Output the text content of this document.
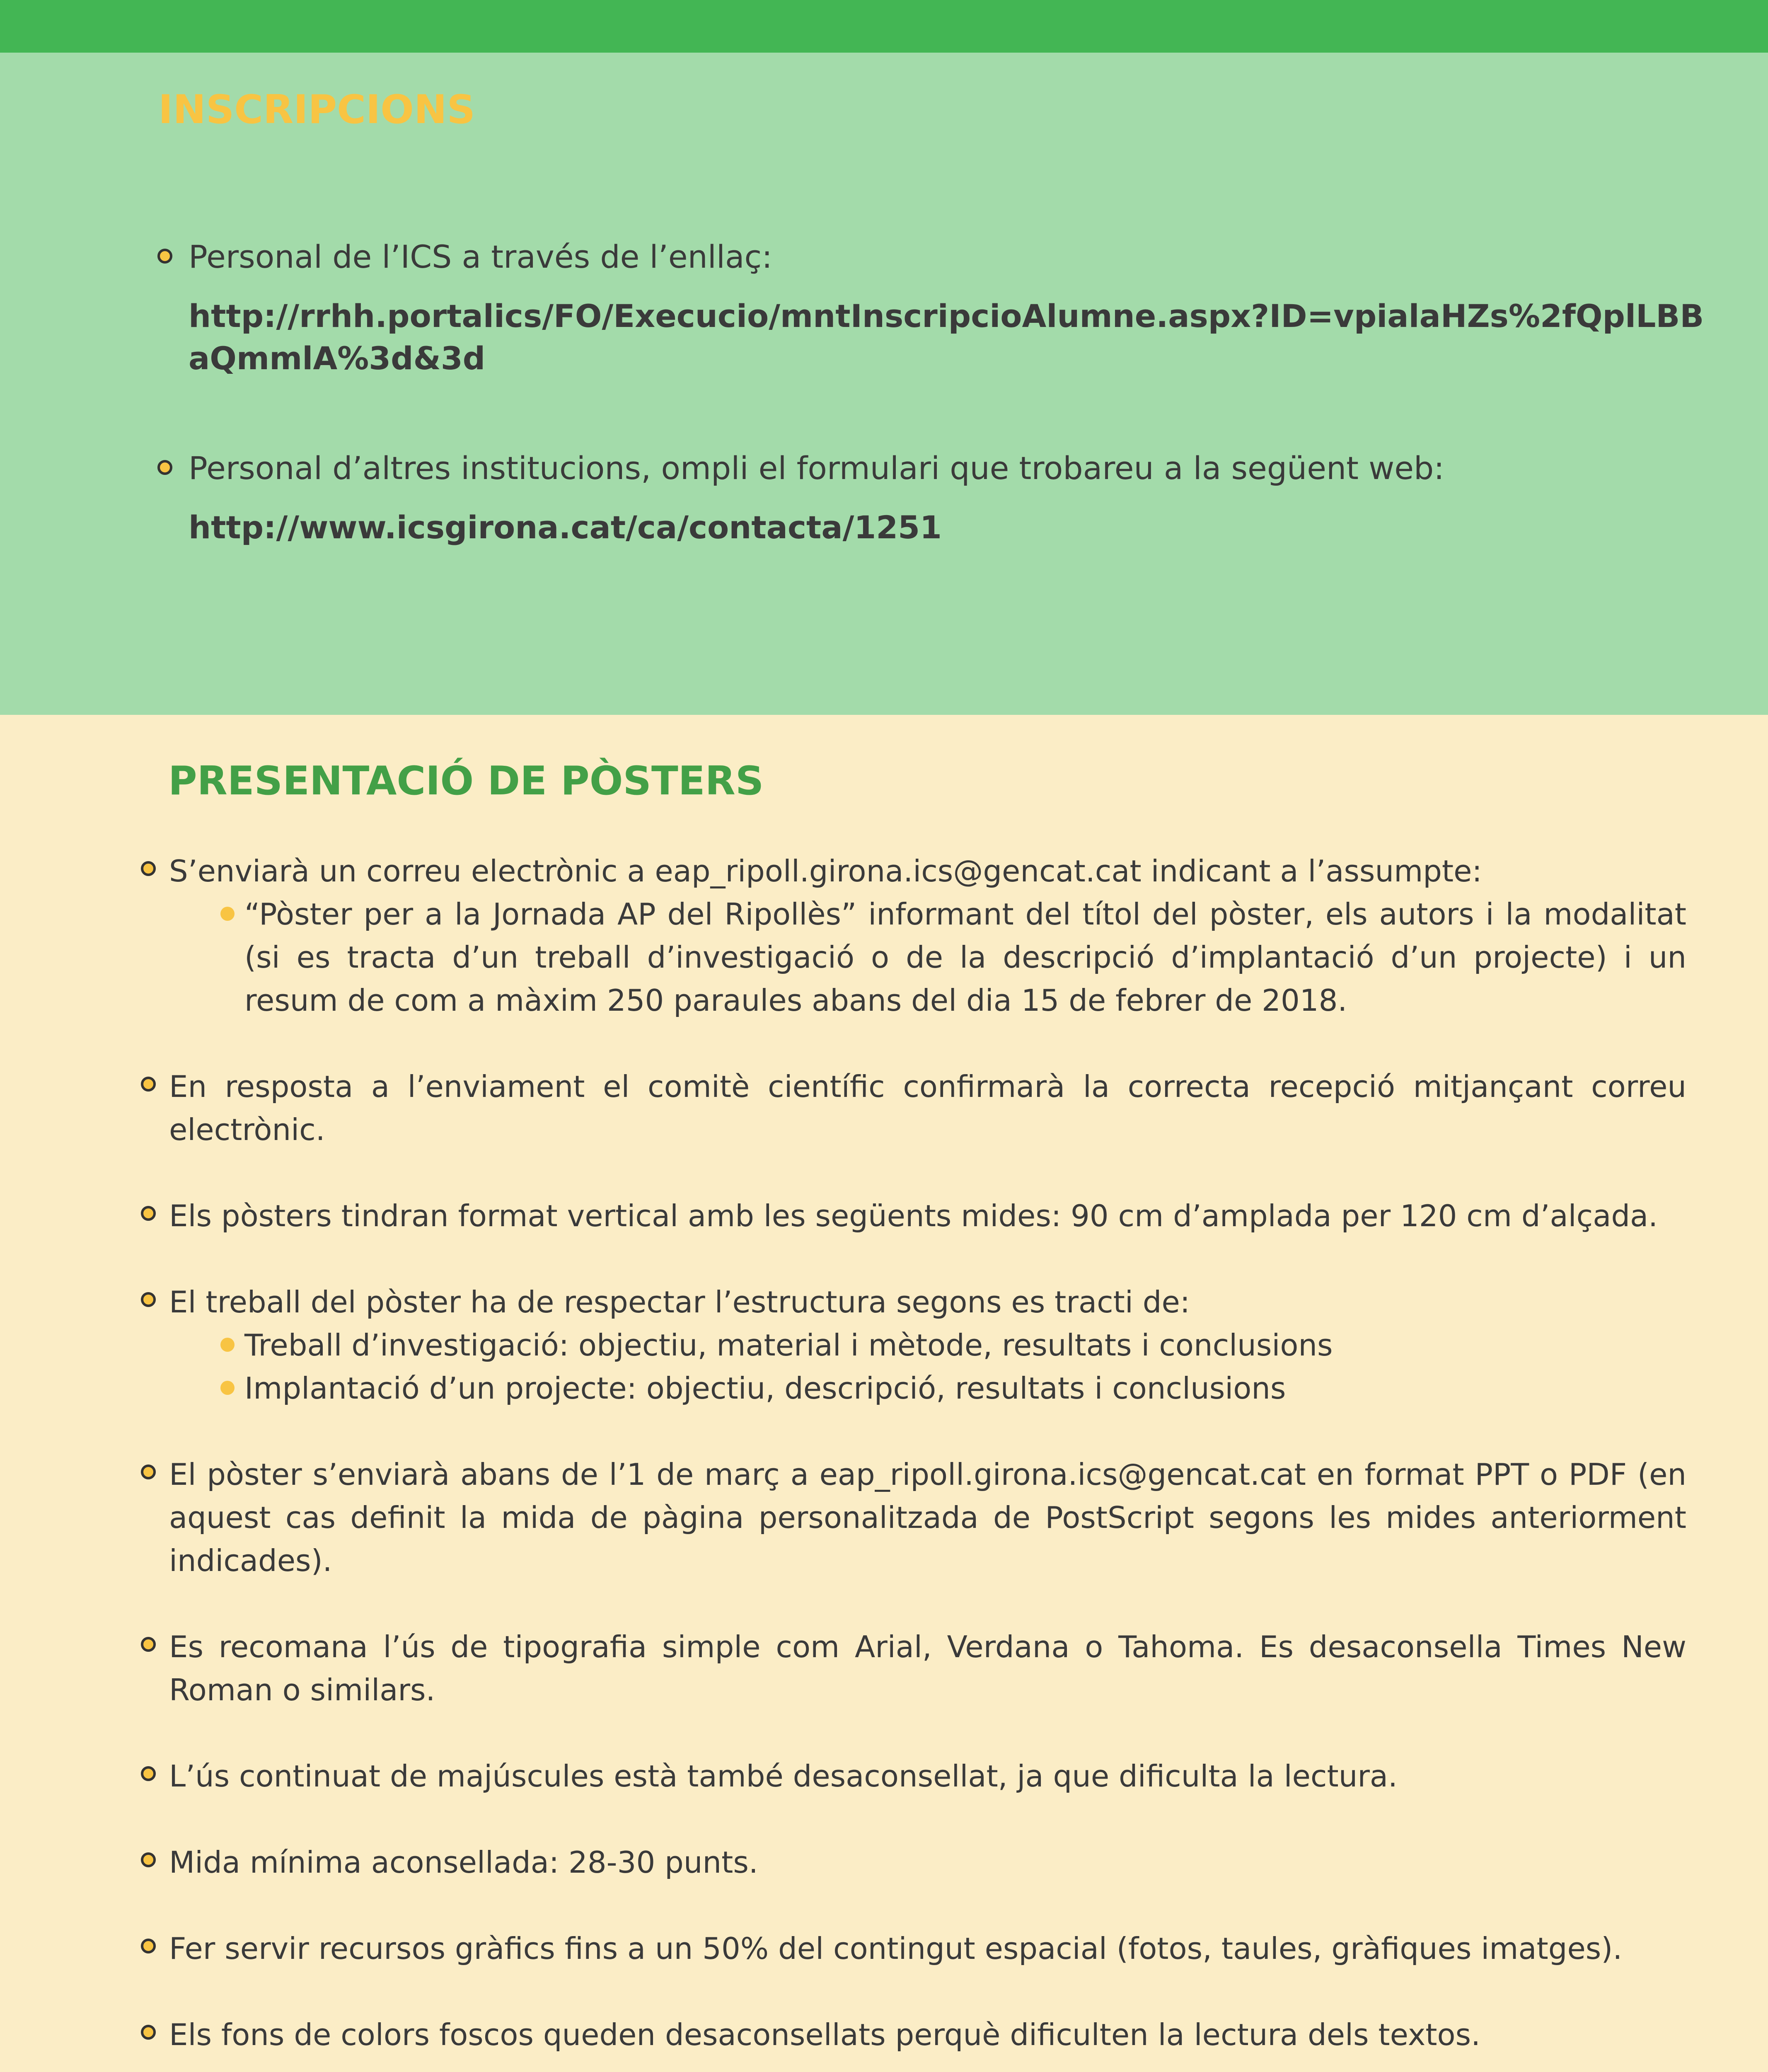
INSCRIPCIONS
Personal de l’ICS a través de l’enllaç:
http://rrhh.portalics/FO/Execucio/mntInscripcioAlumne.aspx?ID=vpialaHZs%2fQplLBBaQmmlA%3d&3d
Personal d’altres institucions, ompli el formulari que trobareu a la següent web:
http://www.icsgirona.cat/ca/contacta/1251
PRESENTACIÓ DE PÒSTERS
S’enviarà un correu electrònic a eap_ripoll.girona.ics@gencat.cat indicant a l’assumpte:
“Pòster per a la Jornada AP del Ripollès” informant del títol del pòster, els autors i la modalitat (si es tracta d’un treball d’investigació o de la descripció d’implantació d’un projecte) i un resum de com a màxim 250 paraules abans del dia 15 de febrer de 2018.
En resposta a l’enviament el comitè científic confirmarà la correcta recepció mitjançant correu electrònic.
Els pòsters tindran format vertical amb les següents mides: 90 cm d’amplada per 120 cm d’alçada.
El treball del pòster ha de respectar l’estructura segons es tracti de:
Treball d’investigació: objectiu, material i mètode, resultats i conclusions
Implantació d’un projecte: objectiu, descripció, resultats i conclusions
El pòster s’enviarà abans de l’1 de març a eap_ripoll.girona.ics@gencat.cat en format PPT o PDF (en aquest cas definit la mida de pàgina personalitzada de PostScript segons les mides anteriorment indicades).
Es recomana l’ús de tipografia simple com Arial, Verdana o Tahoma. Es desaconsella Times New Roman o similars.
L’ús continuat de majúscules està també desaconsellat, ja que dificulta la lectura.
Mida mínima aconsellada: 28-30 punts.
Fer servir recursos gràfics fins a un 50% del contingut espacial (fotos, taules, gràfiques imatges).
Els fons de colors foscos queden desaconsellats perquè dificulten la lectura dels textos.
